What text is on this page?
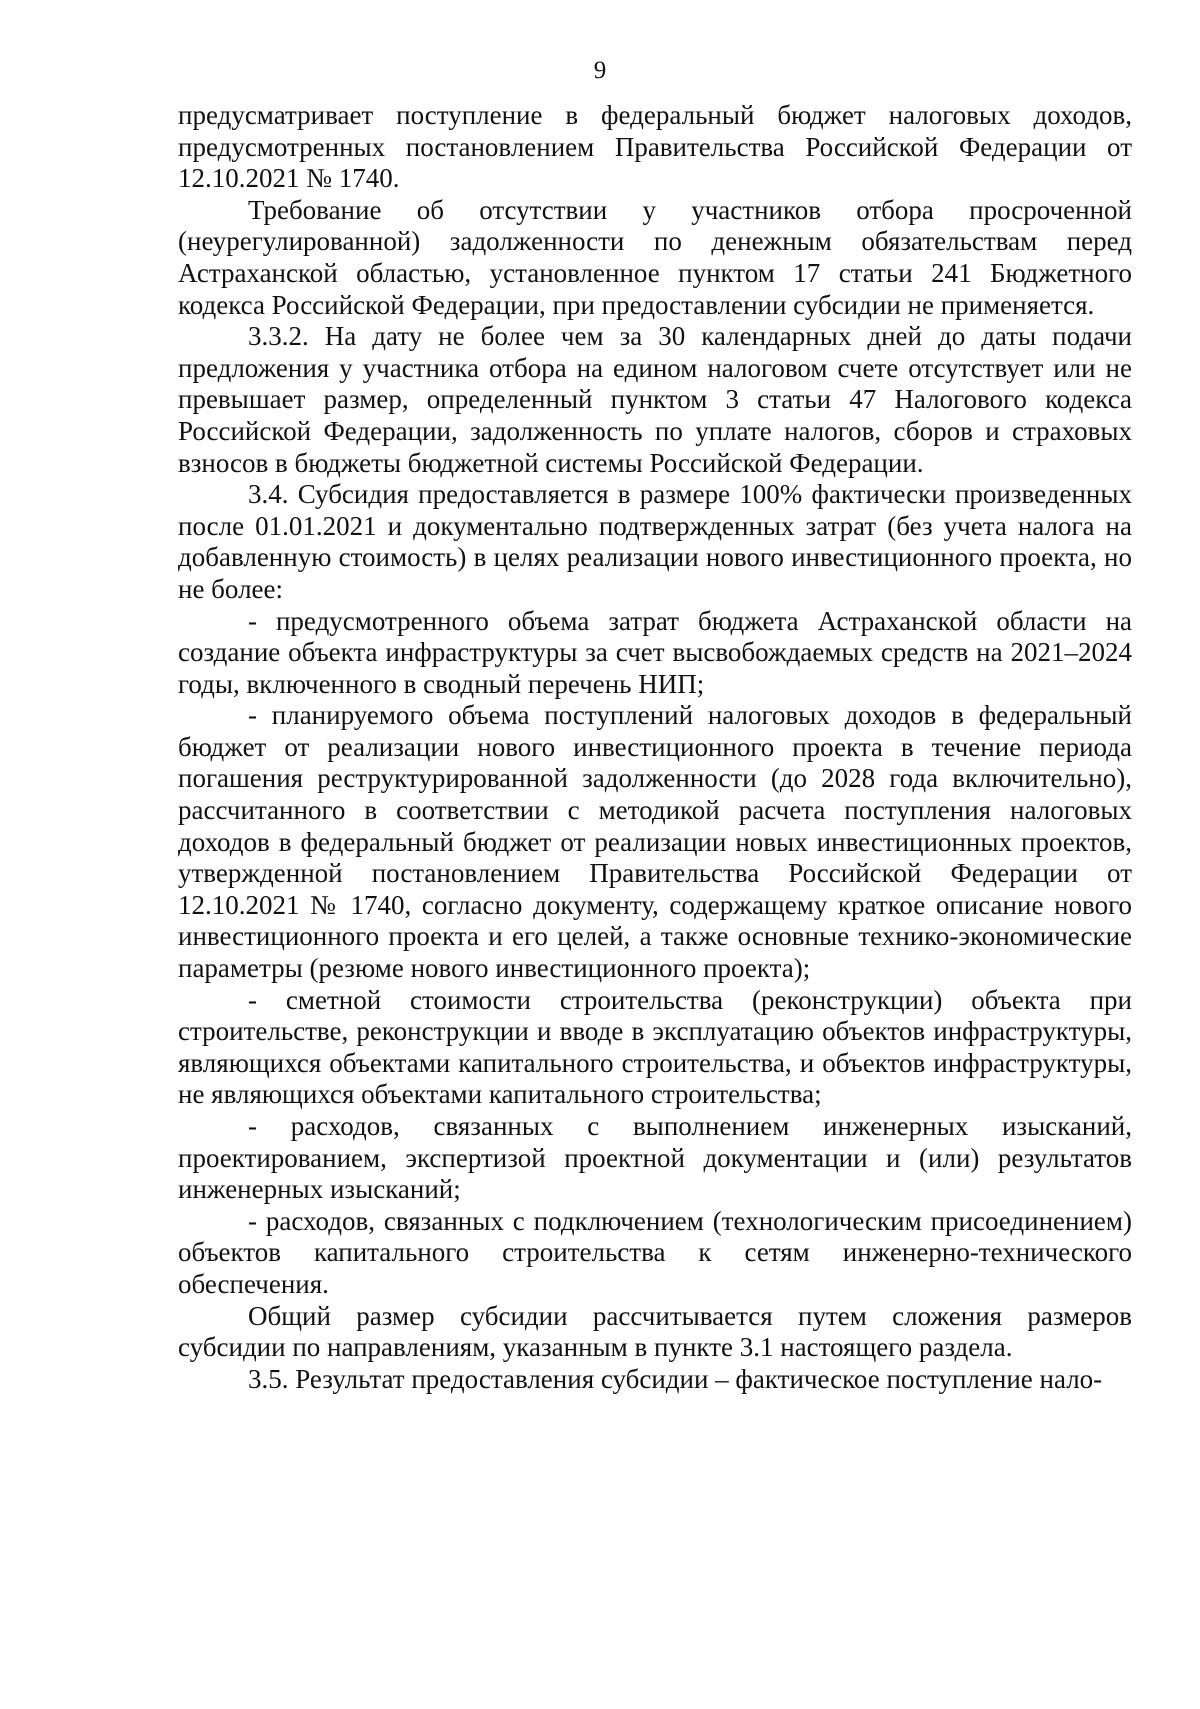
9

предусматривает поступление в федеральный бюджет налоговых доходов, предусмотренных постановлением Правительства Российской Федерации от 12.10.2021 № 1740.

Требование об отсутствии у участников отбора просроченной (неурегулированной) задолженности по денежным обязательствам перед Астраханской областью, установленное пунктом 17 статьи 241 Бюджетного кодекса Российской Федерации, при предоставлении субсидии не применяется.

3.3.2. На дату не более чем за 30 календарных дней до даты подачи предложения у участника отбора на едином налоговом счете отсутствует или не превышает размер, определенный пунктом 3 статьи 47 Налогового кодекса Российской Федерации, задолженность по уплате налогов, сборов и страховых взносов в бюджеты бюджетной системы Российской Федерации.

3.4. Субсидия предоставляется в размере 100% фактически произведенных после 01.01.2021 и документально подтвержденных затрат (без учета налога на добавленную стоимость) в целях реализации нового инвестиционного проекта, но не более:

- предусмотренного объема затрат бюджета Астраханской области на создание объекта инфраструктуры за счет высвобождаемых средств на 2021–2024 годы, включенного в сводный перечень НИП;

- планируемого объема поступлений налоговых доходов в федеральный бюджет от реализации нового инвестиционного проекта в течение периода погашения реструктурированной задолженности (до 2028 года включительно), рассчитанного в соответствии с методикой расчета поступления налоговых доходов в федеральный бюджет от реализации новых инвестиционных проектов, утвержденной постановлением Правительства Российской Федерации от 12.10.2021 № 1740, согласно документу, содержащему краткое описание нового инвестиционного проекта и его целей, а также основные технико-экономические параметры (резюме нового инвестиционного проекта);

- сметной стоимости строительства (реконструкции) объекта при строительстве, реконструкции и вводе в эксплуатацию объектов инфраструктуры, являющихся объектами капитального строительства, и объектов инфраструктуры, не являющихся объектами капитального строительства;

- расходов, связанных с выполнением инженерных изысканий, проектированием, экспертизой проектной документации и (или) результатов инженерных изысканий;

- расходов, связанных с подключением (технологическим присоединением) объектов капитального строительства к сетям инженерно-технического обеспечения.

Общий размер субсидии рассчитывается путем сложения размеров субсидии по направлениям, указанным в пункте 3.1 настоящего раздела.

3.5. Результат предоставления субсидии – фактическое поступление нало-
